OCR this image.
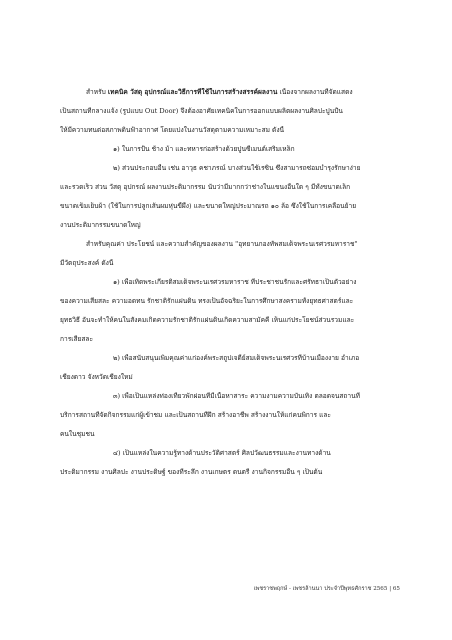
สำหรับ เทคนิค วัสดุ อุปกรณ์และวิธีการที่ใช้ในการสร้างสรรค์ผลงาน เนื่องจากผลงานที่จัดแสดง
เป็นสถานที่กลางแจ้ง (รูปแบบ Out Door) จึงต้องอาศัยเทคนิคในการออกแบบผลิตผลงานศิลปะปูนปั้น
ให้มีความทนต่อสภาพดินฟ้าอากาศ โดยแบ่งในงานวัสดุตามความเหมาะสม ดังนี้
๑) ในการปั้น ช้าง ม้า และทหารก่อสร้างด้วยปูนซีเมนต์เสริมเหล็ก
๒) ส่วนประกอบอื่น เช่น อาวุธ คชาภรณ์ บางส่วนใช้เรซิน ซึ่งสามารถซ่อมบำรุงรักษาง่าย
และรวดเร็ว ส่วน วัสดุ อุปกรณ์ ผลงานประติมากรรม นับว่ามีมากกว่าช่างในแขนงอื่นใด ๆ มีทั้งขนาดเล็ก
ขนาดเข็มเย็บผ้า (ใช้ในการปลูกเส้นผมหุ่นขี้ผึ้ง) และขนาดใหญ่ประมาณรถ ๑๐ ล้อ ซึ่งใช้ในการเคลื่อนย้าย
งานประติมากรรมขนาดใหญ่
สำหรับคุณค่า ประโยชน์ และความสำคัญของผลงาน "อุทยานกองทัพสมเด็จพระนเรศวรมหาราช"
มีวัตถุประสงค์ ดังนี้
๑) เพื่อเทิดพระเกียรติสมเด็จพระนเรศวรมหาราช ที่ประชาชนรักและศรัทธาเป็นตัวอย่าง
ของความเสียสละ ความอดทน รักชาติรักแผ่นดิน ทรงเป็นอัจฉริยะในการศึกษาสงครามทั้งยุทธศาสตร์และ
ยุทธวิธี อันจะทำให้คนในสังคมเกิดความรักชาติรักแผ่นดินเกิดความสามัคคี เห็นแก่ประโยชน์ส่วนรวมและ
การเสียสละ
๒) เพื่อสนับสนุนเพิ่มคุณค่าแก่องค์พระสถูปเจดีย์สมเด็จพระนเรศวรที่บ้านเมืองงาย อำเภอ
เชียงดาว จังหวัดเชียงใหม่
๓) เพื่อเป็นแหล่งท่องเที่ยวพักผ่อนที่มีเนื้อหาสาระ ความงามความบันเทิง ตลอดจนสถานที่
บริการสถานที่จัดกิจกรรมแก่ผู้เข้าชม และเป็นสถานที่ฝึก สร้างอาชีพ สร้างงานให้แก่คนพิการ และ
คนในชุมชน
๔) เป็นแหล่งในความรู้ทางด้านประวัติศาสตร์ ศิลปวัฒนธรรมและงานทางด้าน
ประติมากรรม งานศิลปะ งานประดิษฐ์ ของที่ระลึก งานเกษตร ดนตรี งานกิจกรรมอื่น ๆ เป็นต้น
เพชราชพฤกษ์ - เพชรล้านนา ประจำปีพุทธศักราช 2565 | 65
